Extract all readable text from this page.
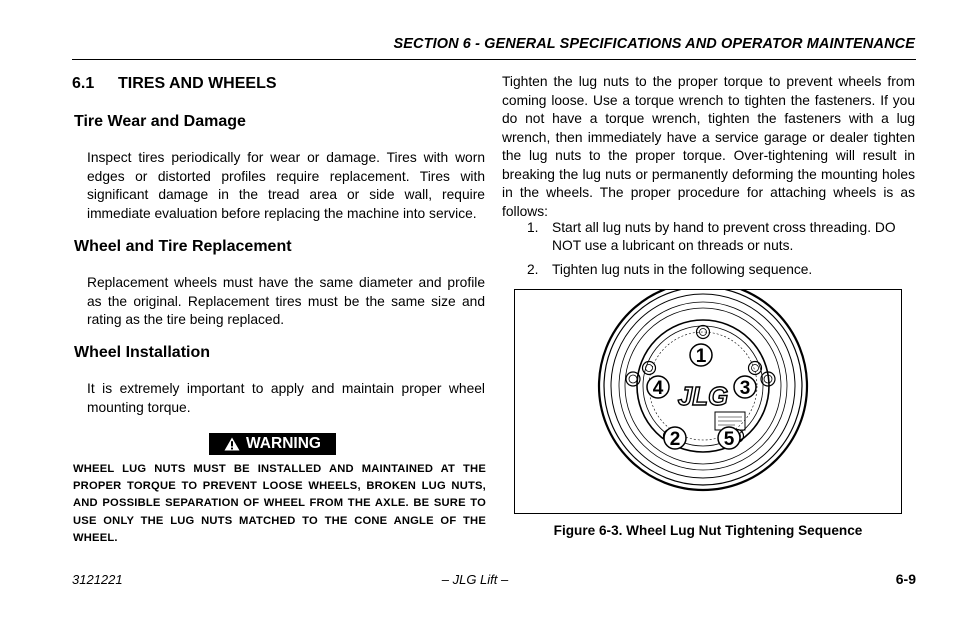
SECTION 6 - GENERAL SPECIFICATIONS AND OPERATOR MAINTENANCE
6.1 TIRES AND WHEELS
Tire Wear and Damage
Inspect tires periodically for wear or damage. Tires with worn edges or distorted profiles require replacement. Tires with significant damage in the tread area or side wall, require immediate evaluation before replacing the machine into service.
Wheel and Tire Replacement
Replacement wheels must have the same diameter and profile as the original. Replacement tires must be the same size and rating as the tire being replaced.
Wheel Installation
It is extremely important to apply and maintain proper wheel mounting torque.
WARNING
WHEEL LUG NUTS MUST BE INSTALLED AND MAINTAINED AT THE PROPER TORQUE TO PREVENT LOOSE WHEELS, BROKEN LUG NUTS, AND POSSIBLE SEPARATION OF WHEEL FROM THE AXLE. BE SURE TO USE ONLY THE LUG NUTS MATCHED TO THE CONE ANGLE OF THE WHEEL.
Tighten the lug nuts to the proper torque to prevent wheels from coming loose. Use a torque wrench to tighten the fasteners. If you do not have a torque wrench, tighten the fasteners with a lug wrench, then immediately have a service garage or dealer tighten the lug nuts to the proper torque. Over-tightening will result in breaking the lug nuts or permanently deforming the mounting holes in the wheels. The proper procedure for attaching wheels is as follows:
1. Start all lug nuts by hand to prevent cross threading. DO NOT use a lubricant on threads or nuts.
2. Tighten lug nuts in the following sequence.
1
4	3
2 5
JLG
Figure 6-3. Wheel Lug Nut Tightening Sequence
3121221	– JLG Lift –	6-9
